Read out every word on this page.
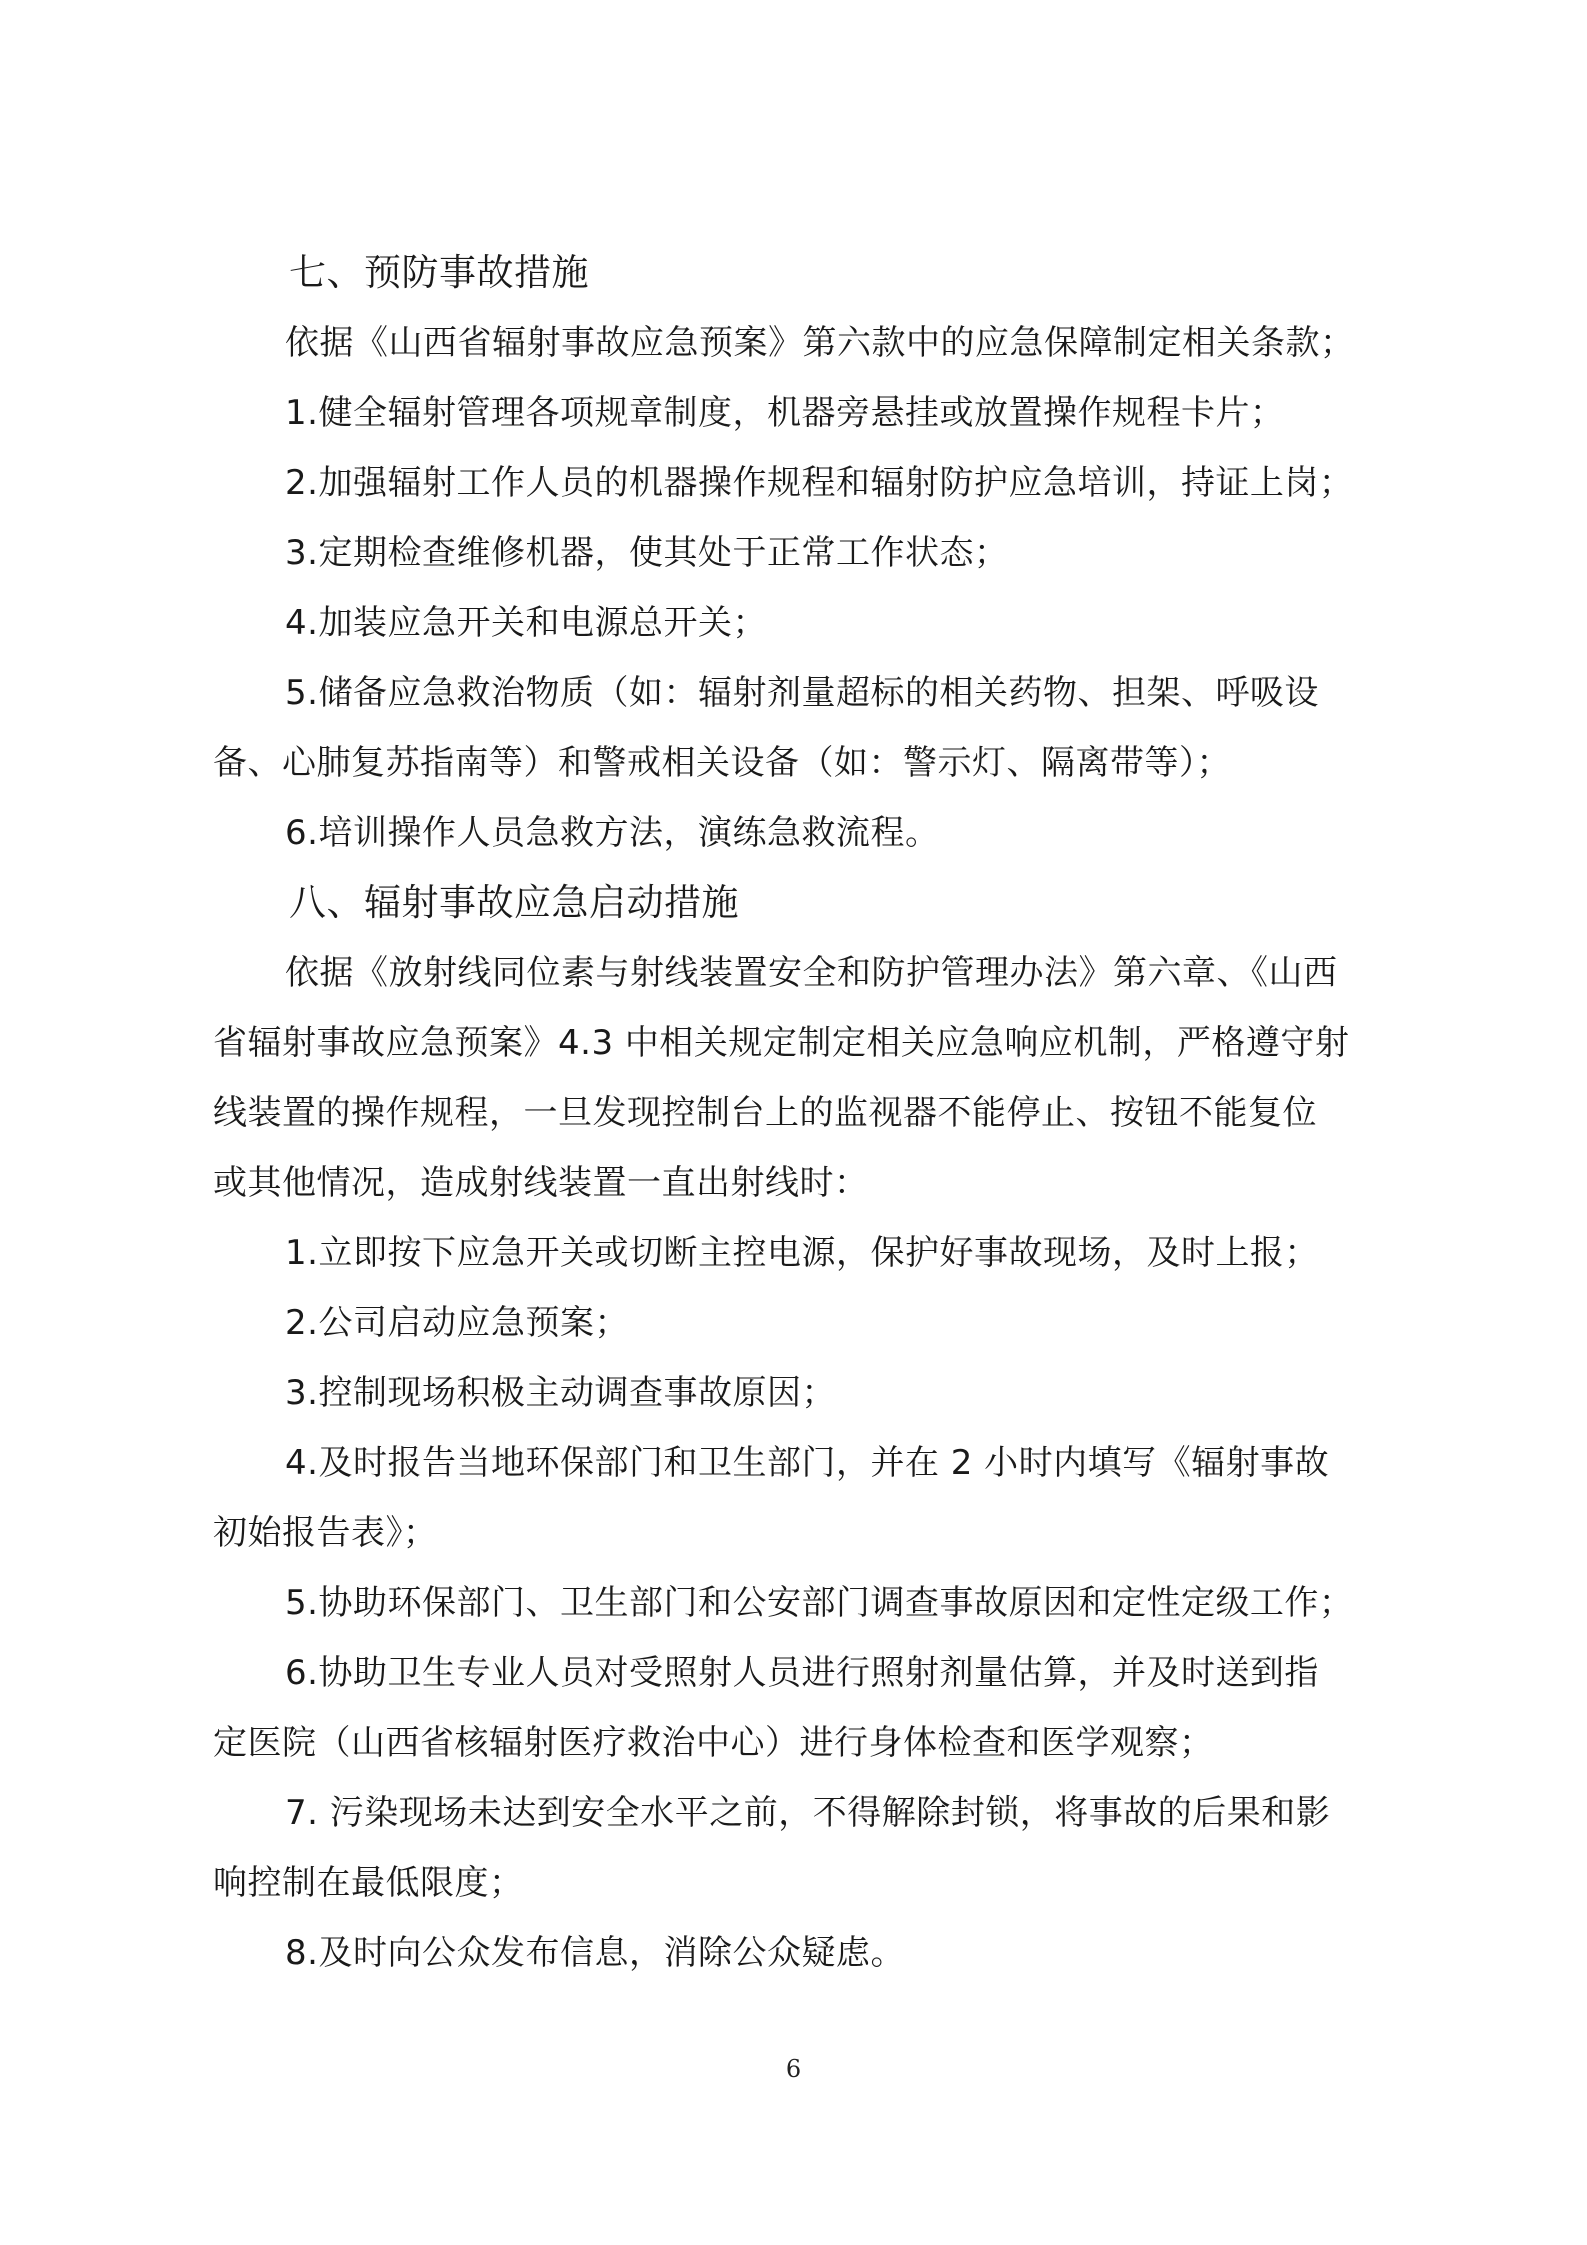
七、预防事故措施
依据《山西省辐射事故应急预案》第六款中的应急保障制定相关条款；
1.健全辐射管理各项规章制度，机器旁悬挂或放置操作规程卡片；
2.加强辐射工作人员的机器操作规程和辐射防护应急培训，持证上岗；
3.定期检查维修机器，使其处于正常工作状态；
4.加装应急开关和电源总开关；
5.储备应急救治物质（如：辐射剂量超标的相关药物、担架、呼吸设
备、心肺复苏指南等）和警戒相关设备（如：警示灯、隔离带等）；
6.培训操作人员急救方法，演练急救流程。
八、辐射事故应急启动措施
依据《放射线同位素与射线装置安全和防护管理办法》第六章、《山西
省辐射事故应急预案》4.3 中相关规定制定相关应急响应机制，严格遵守射
线装置的操作规程，一旦发现控制台上的监视器不能停止、按钮不能复位
或其他情况，造成射线装置一直出射线时：
1.立即按下应急开关或切断主控电源，保护好事故现场，及时上报；
2.公司启动应急预案；
3.控制现场积极主动调查事故原因；
4.及时报告当地环保部门和卫生部门，并在 2 小时内填写《辐射事故
初始报告表》；
5.协助环保部门、卫生部门和公安部门调查事故原因和定性定级工作；
6.协助卫生专业人员对受照射人员进行照射剂量估算，并及时送到指
定医院（山西省核辐射医疗救治中心）进行身体检查和医学观察；
7. 污染现场未达到安全水平之前，不得解除封锁，将事故的后果和影
响控制在最低限度；
8.及时向公众发布信息，消除公众疑虑。
6
